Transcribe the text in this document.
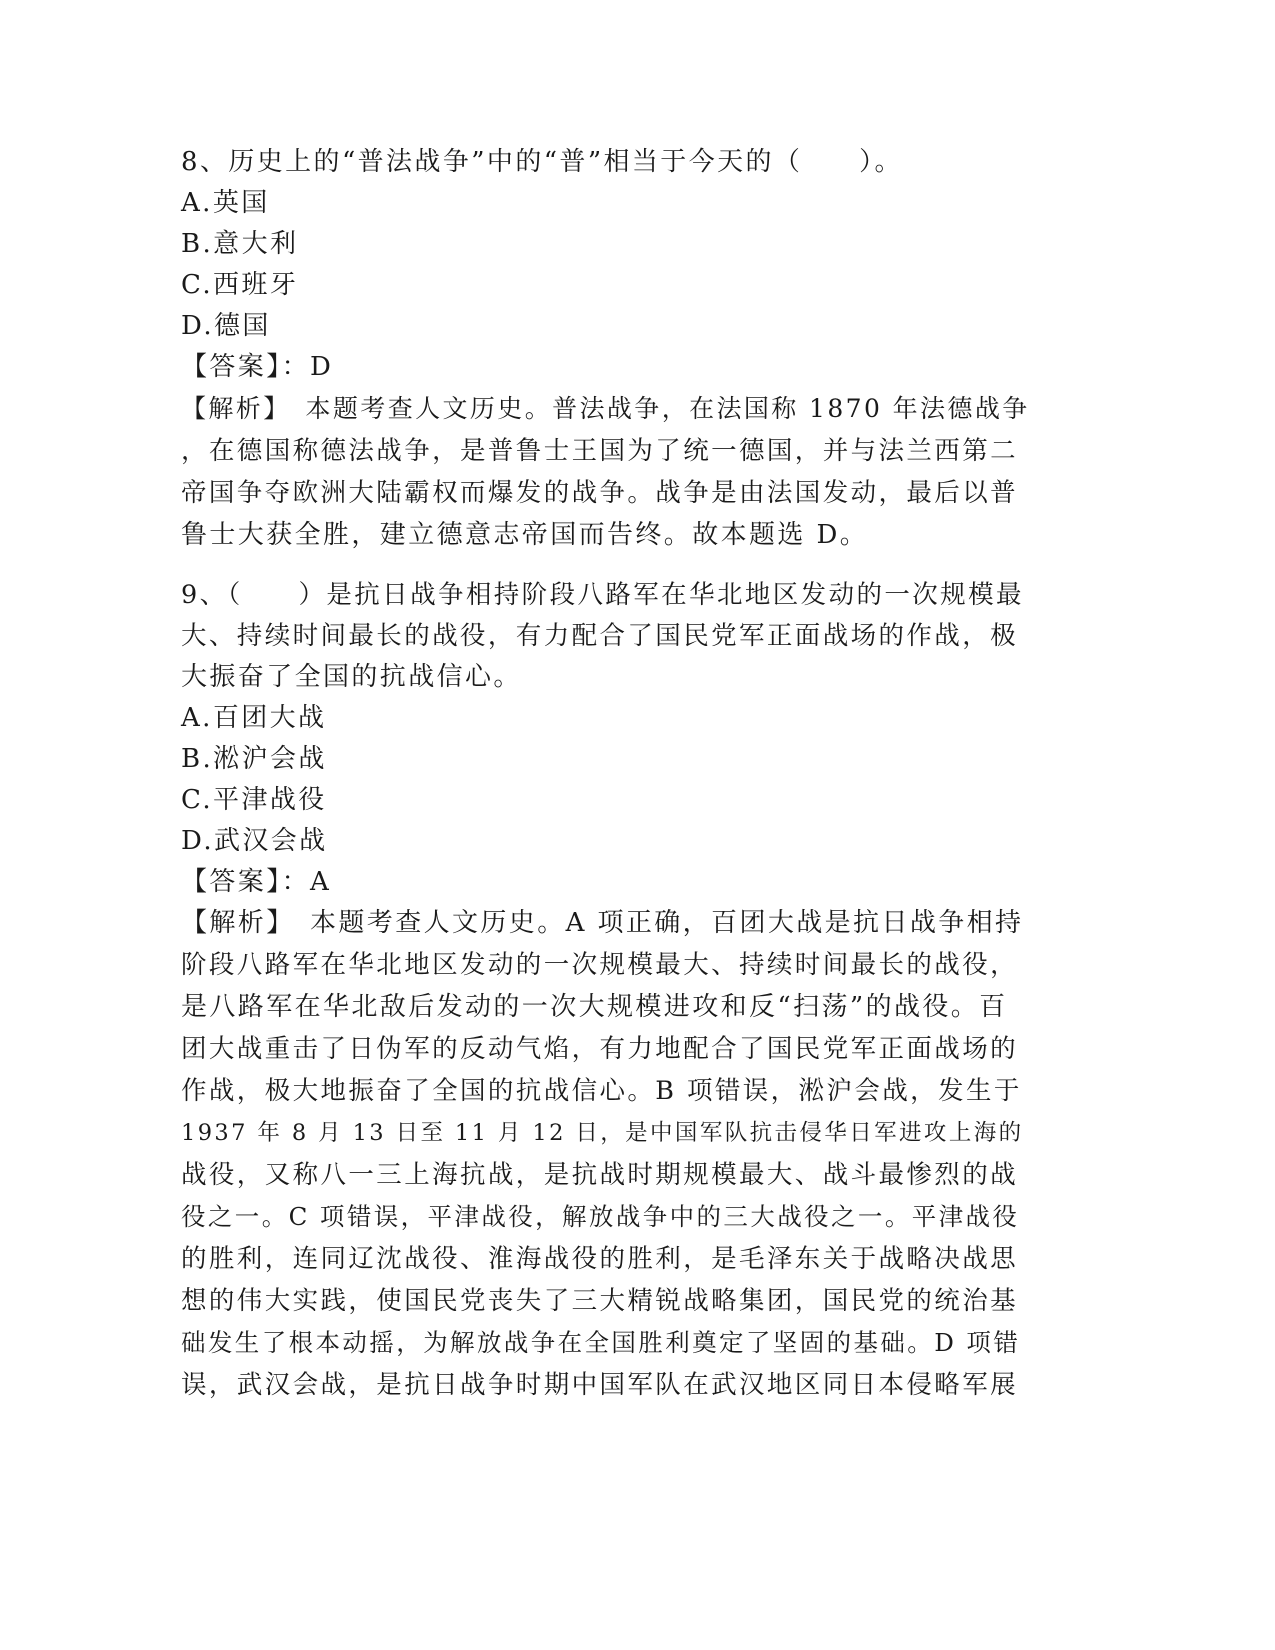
8、历史上的“普法战争”中的“普”相当于今天的（　　）。
A.英国
B.意大利
C.西班牙
D.德国
【答案】：D
【解析】　本题考查人文历史。普法战争，在法国称 1870 年法德战争
，在德国称德法战争，是普鲁士王国为了统一德国，并与法兰西第二
帝国争夺欧洲大陆霸权而爆发的战争。战争是由法国发动，最后以普
鲁士大获全胜，建立德意志帝国而告终。故本题选 D。
9、（　　）是抗日战争相持阶段八路军在华北地区发动的一次规模最
大、持续时间最长的战役，有力配合了国民党军正面战场的作战，极
大振奋了全国的抗战信心。
A.百团大战
B.淞沪会战
C.平津战役
D.武汉会战
【答案】：A
【解析】　本题考查人文历史。A 项正确，百团大战是抗日战争相持
阶段八路军在华北地区发动的一次规模最大、持续时间最长的战役，
是八路军在华北敌后发动的一次大规模进攻和反“扫荡”的战役。百
团大战重击了日伪军的反动气焰，有力地配合了国民党军正面战场的
作战，极大地振奋了全国的抗战信心。B 项错误，淞沪会战，发生于
1937 年 8 月 13 日至 11 月 12 日，是中国军队抗击侵华日军进攻上海的
战役，又称八一三上海抗战，是抗战时期规模最大、战斗最惨烈的战
役之一。C 项错误，平津战役，解放战争中的三大战役之一。平津战役
的胜利，连同辽沈战役、淮海战役的胜利，是毛泽东关于战略决战思
想的伟大实践，使国民党丧失了三大精锐战略集团，国民党的统治基
础发生了根本动摇，为解放战争在全国胜利奠定了坚固的基础。D 项错
误，武汉会战，是抗日战争时期中国军队在武汉地区同日本侵略军展
